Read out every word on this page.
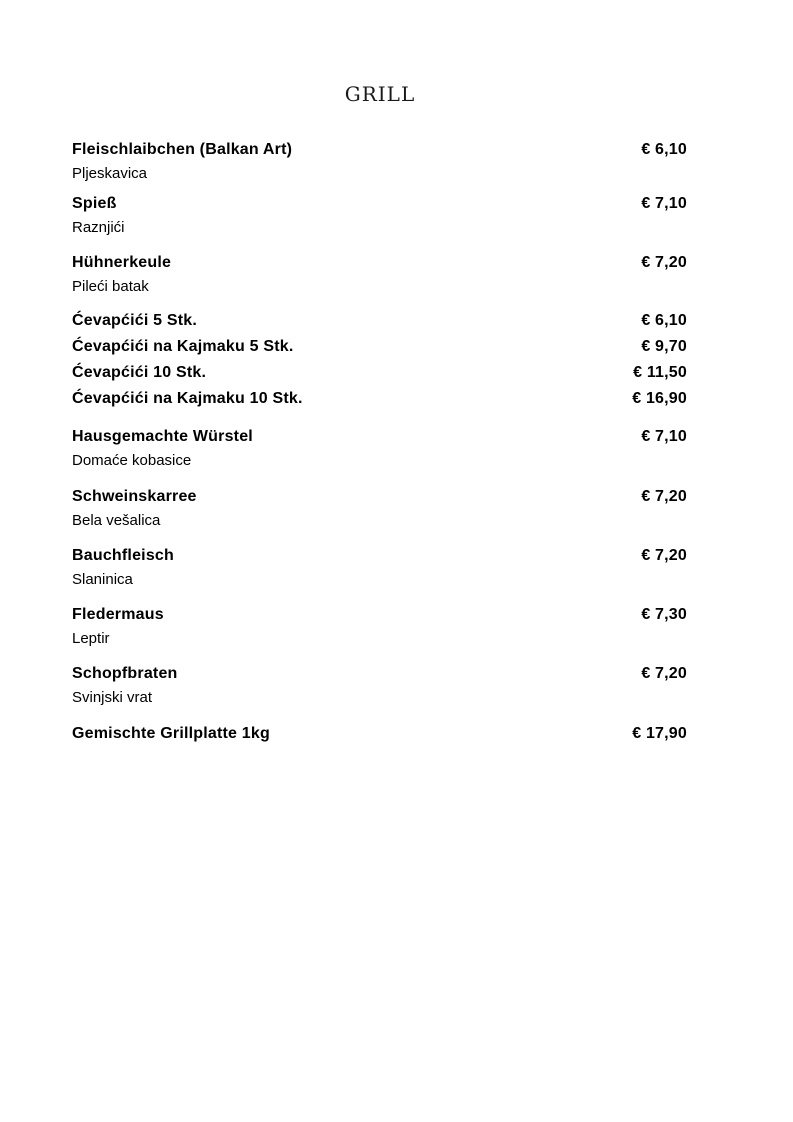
GRILL
Fleischlaibchen (Balkan Art)	€ 6,10
Pljeskavica
Spieß	€ 7,10
Raznjići
Hühnerkeule	€ 7,20
Pileći batak
Ćevapćići 5 Stk.	€ 6,10
Ćevapćići na Kajmaku 5 Stk.	€ 9,70
Ćevapćići 10 Stk.	€ 11,50
Ćevapćići na Kajmaku 10 Stk.	€ 16,90
Hausgemachte Würstel	€ 7,10
Domaće kobasice
Schweinskarree	€ 7,20
Bela vešalica
Bauchfleisch	€ 7,20
Slaninica
Fledermaus	€ 7,30
Leptir
Schopfbraten	€ 7,20
Svinjski vrat
Gemischte Grillplatte 1kg	€ 17,90
